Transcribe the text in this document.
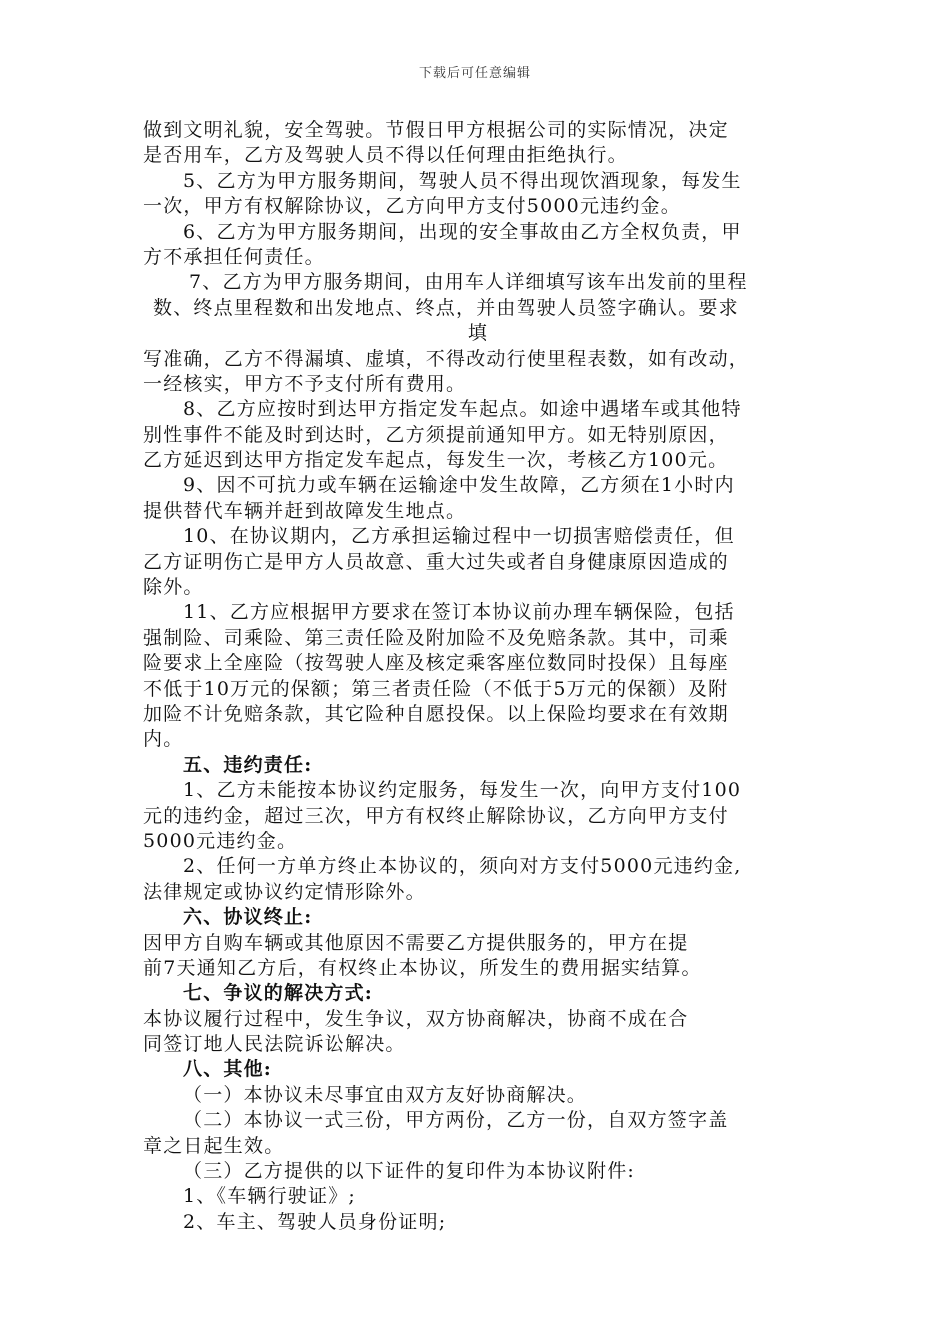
下载后可任意编辑
做到文明礼貌，安全驾驶。节假日甲方根据公司的实际情况，决定
是否用车，乙方及驾驶人员不得以任何理由拒绝执行。
5、乙方为甲方服务期间，驾驶人员不得出现饮酒现象，每发生
一次，甲方有权解除协议，乙方向甲方支付5000元违约金。
6、乙方为甲方服务期间，出现的安全事故由乙方全权负责，甲
方不承担任何责任。
7、乙方为甲方服务期间，由用车人详细填写该车出发前的里程
数、终点里程数和出发地点、终点，并由驾驶人员签字确认。要求
填
写准确，乙方不得漏填、虚填，不得改动行使里程表数，如有改动，
一经核实，甲方不予支付所有费用。
8、乙方应按时到达甲方指定发车起点。如途中遇堵车或其他特
别性事件不能及时到达时，乙方须提前通知甲方。如无特别原因，
乙方延迟到达甲方指定发车起点，每发生一次，考核乙方100元。
9、因不可抗力或车辆在运输途中发生故障，乙方须在1小时内
提供替代车辆并赶到故障发生地点。
10、在协议期内，乙方承担运输过程中一切损害赔偿责任，但
乙方证明伤亡是甲方人员故意、重大过失或者自身健康原因造成的
除外。
11、乙方应根据甲方要求在签订本协议前办理车辆保险，包括
强制险、司乘险、第三责任险及附加险不及免赔条款。其中，司乘
险要求上全座险（按驾驶人座及核定乘客座位数同时投保）且每座
不低于10万元的保额；第三者责任险（不低于5万元的保额）及附
加险不计免赔条款，其它险种自愿投保。以上保险均要求在有效期
内。
五、违约责任:
1、乙方未能按本协议约定服务，每发生一次，向甲方支付100
元的违约金，超过三次，甲方有权终止解除协议，乙方向甲方支付
5000元违约金。
2、任何一方单方终止本协议的，须向对方支付5000元违约金,
法律规定或协议约定情形除外。
六、协议终止:
因甲方自购车辆或其他原因不需要乙方提供服务的，甲方在提
前7天通知乙方后，有权终止本协议，所发生的费用据实结算。
七、争议的解决方式:
本协议履行过程中，发生争议，双方协商解决，协商不成在合
同签订地人民法院诉讼解决。
八、其他:
（一）本协议未尽事宜由双方友好协商解决。
（二）本协议一式三份，甲方两份，乙方一份，自双方签字盖
章之日起生效。
（三）乙方提供的以下证件的复印件为本协议附件:
1、《车辆行驶证》;
2、车主、驾驶人员身份证明;
